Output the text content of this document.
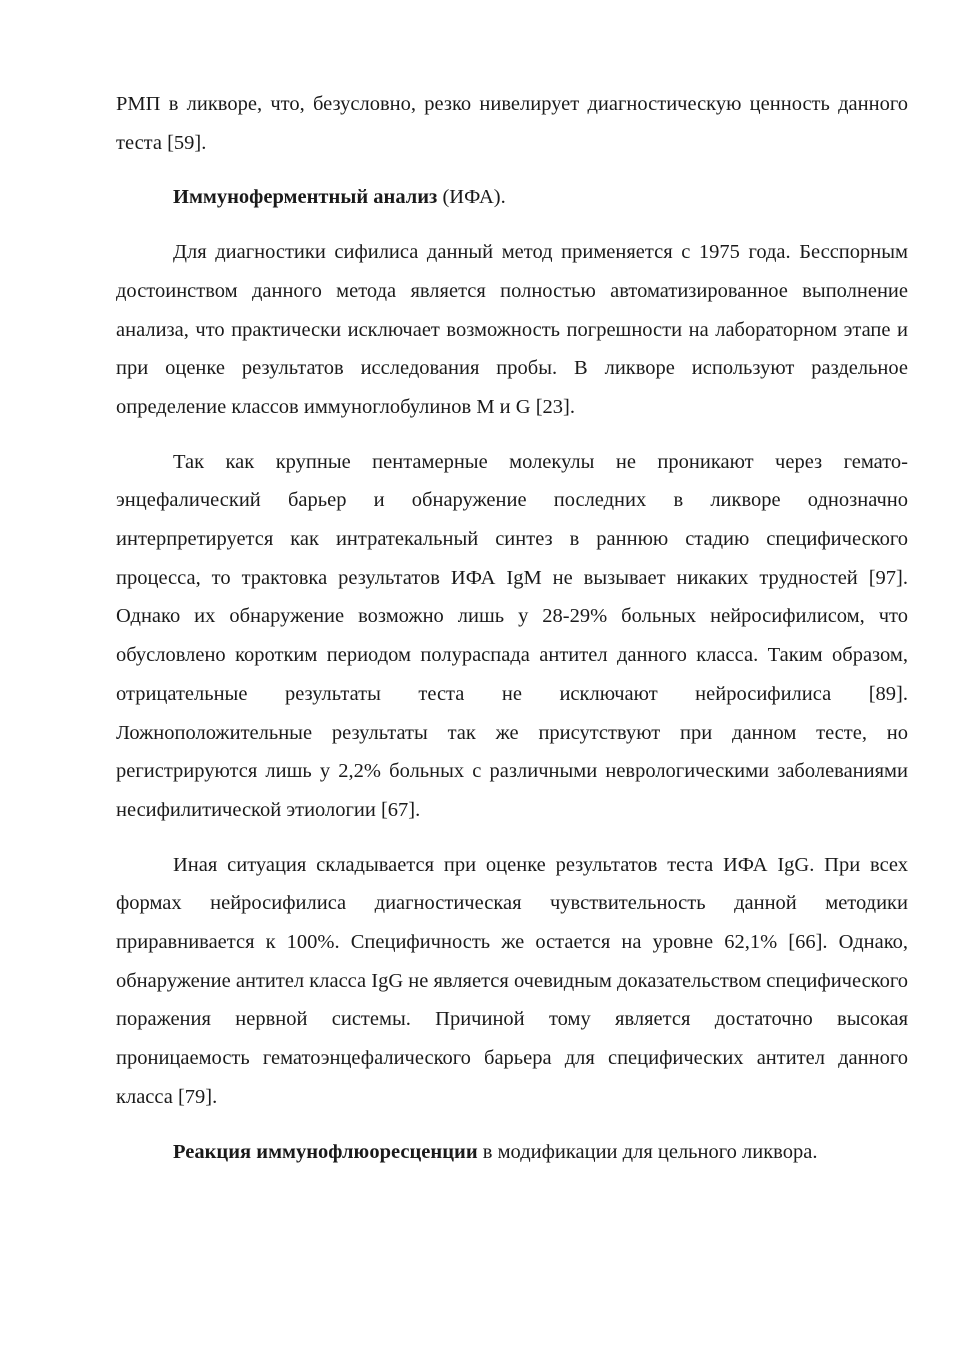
РМП в ликворе, что, безусловно, резко нивелирует диагностическую ценность данного теста [59].

Иммуноферментный анализ (ИФА).

Для диагностики сифилиса данный метод применяется с 1975 года. Бесспорным достоинством данного метода является полностью автоматизированное выполнение анализа, что практически исключает возможность погрешности на лабораторном этапе и при оценке результатов исследования пробы. В ликворе используют раздельное определение классов иммуноглобулинов М и G [23].

Так как крупные пентамерные молекулы не проникают через гемато-энцефалический барьер и обнаружение последних в ликворе однозначно интерпретируется как интратекальный синтез в раннюю стадию специфического процесса, то трактовка результатов ИФА IgM не вызывает никаких трудностей [97]. Однако их обнаружение возможно лишь у 28-29% больных нейросифилисом, что обусловлено коротким периодом полураспада антител данного класса. Таким образом, отрицательные результаты теста не исключают нейросифилиса [89]. Ложноположительные результаты так же присутствуют при данном тесте, но регистрируются лишь у 2,2% больных с различными неврологическими заболеваниями несифилитической этиологии [67].

Иная ситуация складывается при оценке результатов теста ИФА IgG. При всех формах нейросифилиса диагностическая чувствительность данной методики приравнивается к 100%. Специфичность же остается на уровне 62,1% [66]. Однако, обнаружение антител класса IgG не является очевидным доказательством специфического поражения нервной системы. Причиной тому является достаточно высокая проницаемость гематоэнцефалического барьера для специфических антител данного класса [79].

Реакция иммунофлюоресценции в модификации для цельного ликвора.
